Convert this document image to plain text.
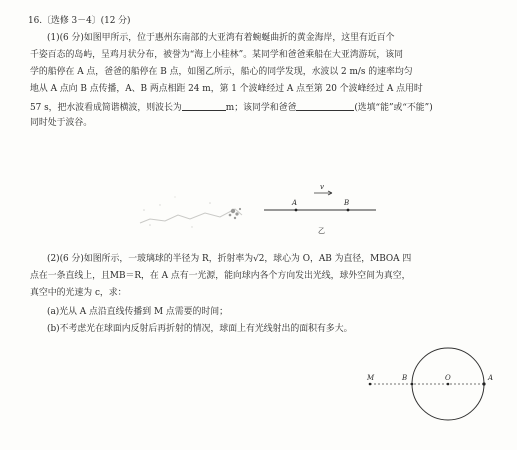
16.〔选修 3－4〕(12 分)
(1)(6 分)如图甲所示，位于惠州东南部的大亚湾有着蜿蜒曲折的黄金海岸，这里有近百个
千姿百态的岛屿，呈鸡月状分布，被誉为“海上小桂林”。某同学和爸爸乘船在大亚湾游玩，该同
学的船停在 A 点，爸爸的船停在 B 点，如图乙所示，船心的同学发现，水波以 2 m/s 的速率均匀
地从 A 点向 B 点传播，A、B 两点相距 24 m，第 1 个波峰经过 A 点至第 20 个波峰经过 A 点用时
57 s，把水波看成简谐横波，则波长为	m；该同学和爸爸	(选填“能”或“不能”)
同时处于波谷。
v
A	B
乙
(2)(6 分)如图所示，一玻璃球的半径为 R，折射率为√2，球心为 O，AB 为直径，MBOA 四
点在一条直线上，且MB＝R，在 A 点有一光源，能向球内各个方向发出光线，球外空间为真空，
真空中的光速为 c，求：
(a)光从 A 点沿直线传播到 M 点需要的时间；
(b)不考虑光在球面内反射后再折射的情况，球面上有光线射出的面积有多大。
M	B	O	A
